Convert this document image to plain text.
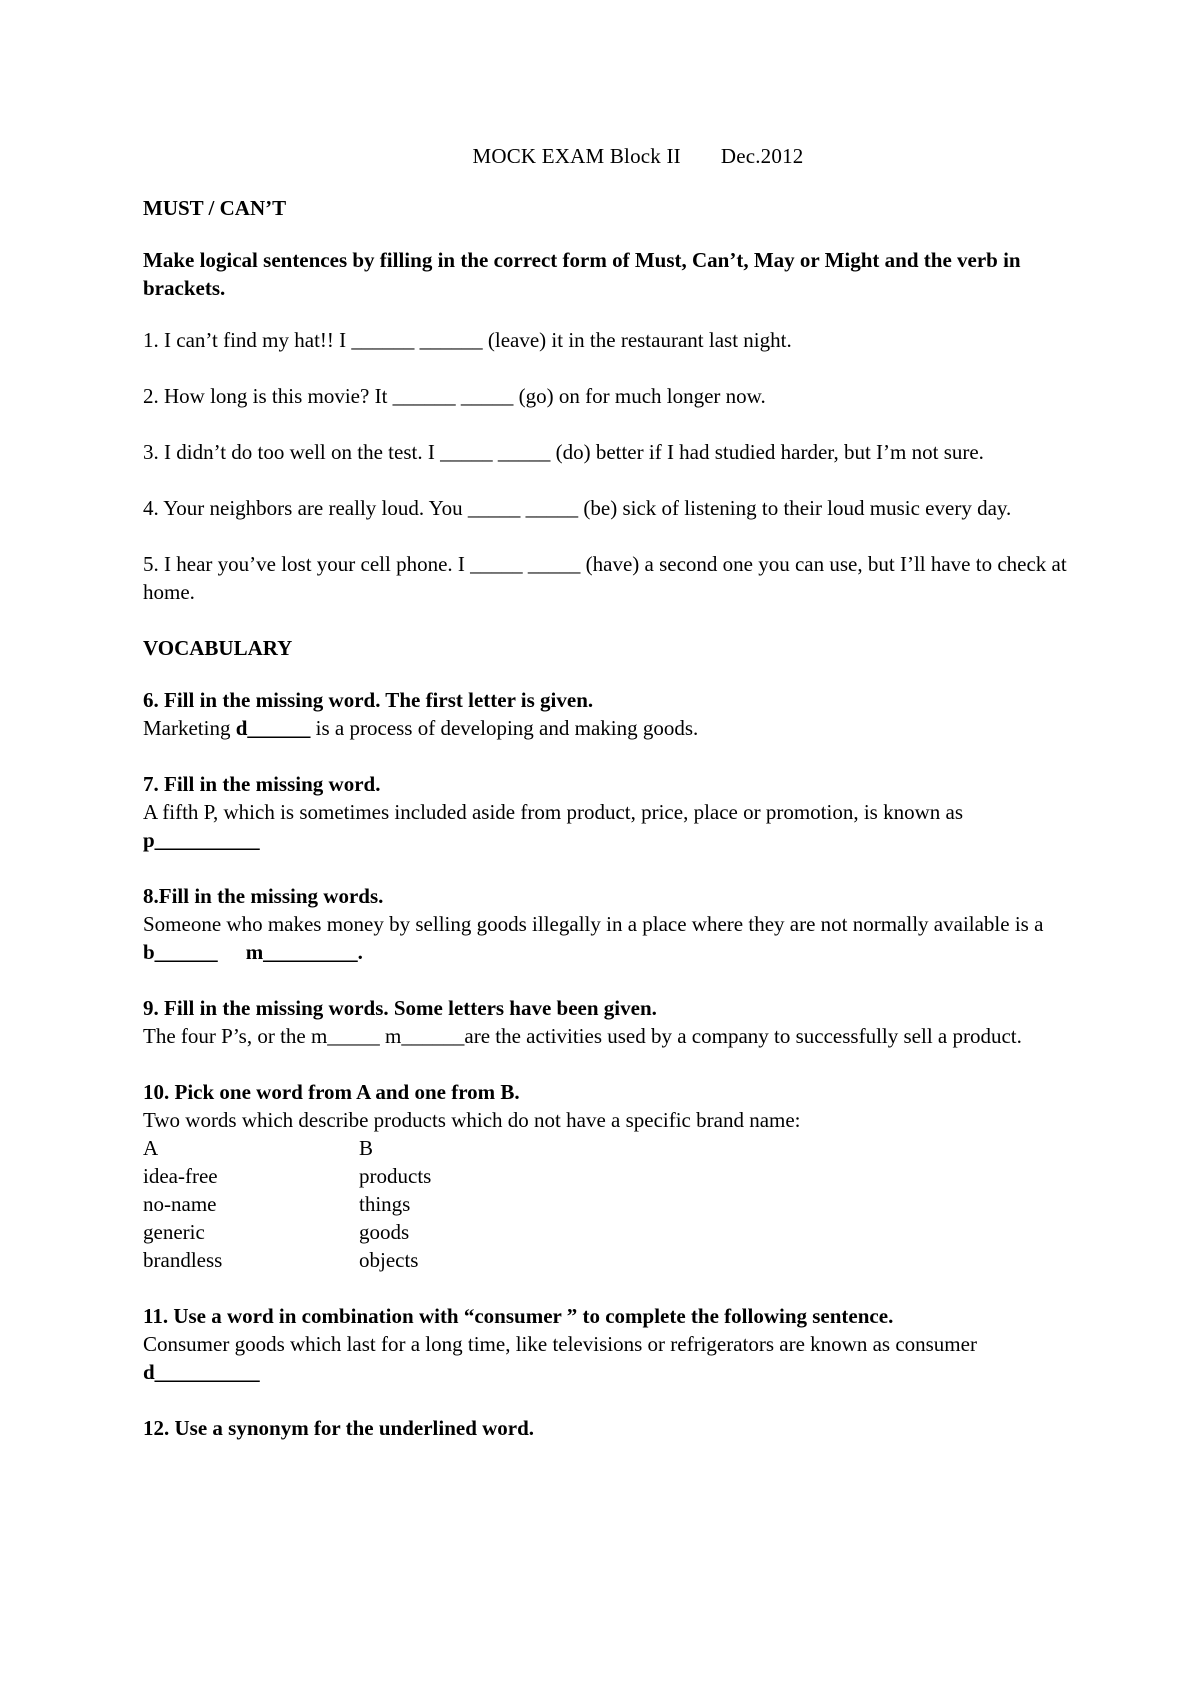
MOCK EXAM Block II Dec.2012
MUST / CAN’T
Make logical sentences by filling in the correct form of Must, Can’t, May or Might and the verb in brackets.

1. I can’t find my hat!! I ______ ______ (leave) it in the restaurant last night.

2. How long is this movie? It ______ _____ (go) on for much longer now.

3. I didn’t do too well on the test. I _____ _____ (do) better if I had studied harder, but I’m not sure.

4. Your neighbors are really loud. You _____ _____ (be) sick of listening to their loud music every day.

5. I hear you’ve lost your cell phone. I _____ _____ (have) a second one you can use, but I’ll have to check at home.

VOCABULARY

6. Fill in the missing word. The first letter is given.

Marketing d______ is a process of developing and making goods.

7. Fill in the missing word.

A fifth P, which is sometimes included aside from product, price, place or promotion, is known as p__________

8.Fill in the missing words.

Someone who makes money by selling goods illegally in a place where they are not normally available is a b______ m_________.

9. Fill in the missing words. Some letters have been given.

The four P’s, or the m_____ m______are the activities used by a company to successfully sell a product.

10. Pick one word from A and one from B.

Two words which describe products which do not have a specific brand name:

A	B
idea-free	products
no-name	things
generic	goods
brandless	objects

11. Use a word in combination with “consumer ” to complete the following sentence.

Consumer goods which last for a long time, like televisions or refrigerators are known as consumer d__________

12. Use a synonym for the underlined word.
